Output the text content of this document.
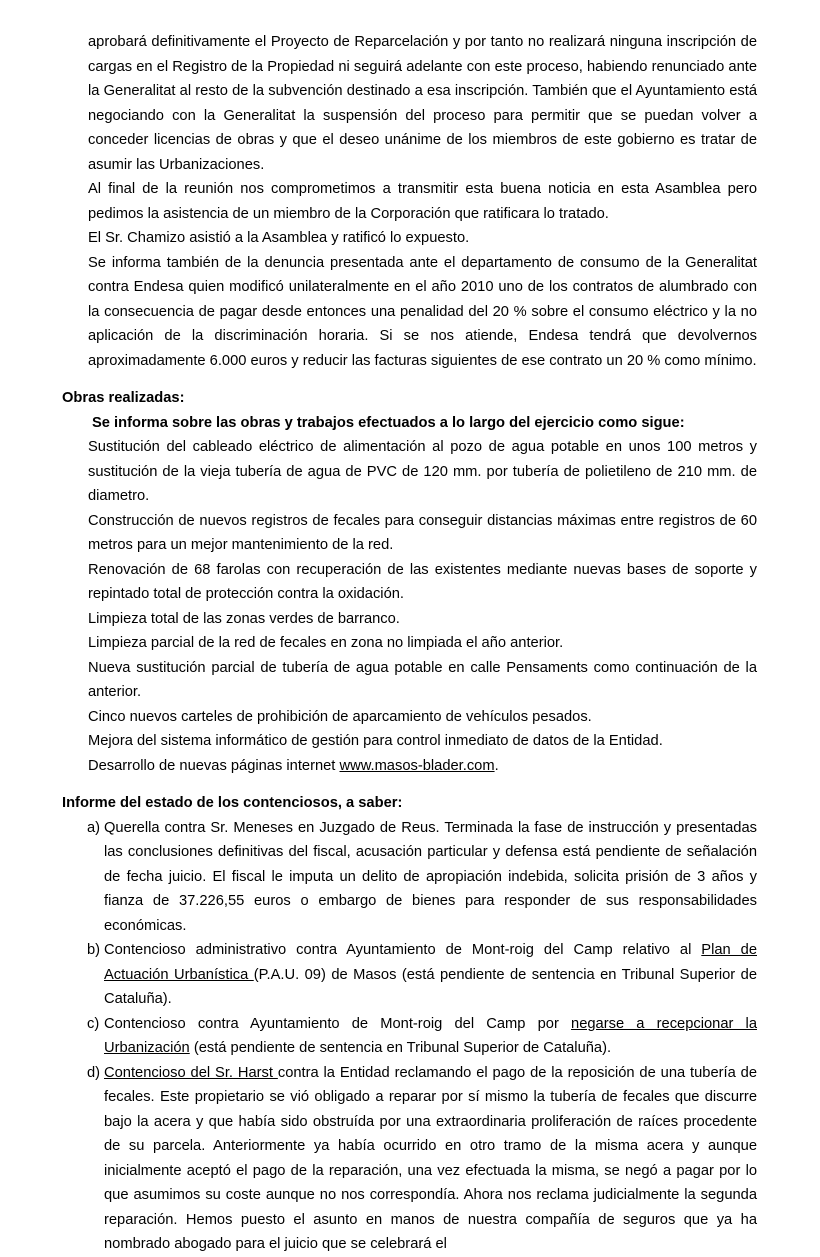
aprobará definitivamente el Proyecto de Reparcelación y por tanto no realizará ninguna inscripción de cargas en el Registro de la Propiedad ni seguirá adelante con este proceso, habiendo renunciado ante la Generalitat al resto de la subvención destinado a esa inscripción. También que el Ayuntamiento está negociando con la Generalitat la suspensión del proceso para permitir que se puedan volver a conceder licencias de obras y que el deseo unánime de los miembros de este gobierno es tratar de asumir las Urbanizaciones.

Al final de la reunión nos comprometimos a transmitir esta buena noticia en esta Asamblea pero pedimos la asistencia de un miembro de la Corporación que ratificara lo tratado.

El Sr. Chamizo asistió a la Asamblea y ratificó lo expuesto.

Se informa también de la denuncia presentada ante el departamento de consumo de la Generalitat contra Endesa quien modificó unilateralmente en el año 2010 uno de los contratos de alumbrado con la consecuencia de pagar desde entonces una penalidad del 20 % sobre el consumo eléctrico y la no aplicación de la discriminación horaria. Si se nos atiende, Endesa tendrá que devolvernos aproximadamente 6.000 euros y reducir las facturas siguientes de ese contrato un 20 % como mínimo.

Obras realizadas:

Se informa sobre las obras y trabajos efectuados a lo largo del ejercicio como sigue:

Sustitución del cableado eléctrico de alimentación al pozo de agua potable en unos 100 metros y sustitución de la vieja tubería de agua de PVC de 120 mm. por tubería de polietileno de 210 mm. de diametro.

Construcción de nuevos registros de fecales para conseguir distancias máximas entre registros de 60 metros para un mejor mantenimiento de la red.

Renovación de 68 farolas con recuperación de las existentes mediante nuevas bases de soporte y repintado total de protección contra la oxidación.

Limpieza total de las zonas verdes de barranco.

Limpieza parcial de la red de fecales en zona no limpiada el año anterior.

Nueva sustitución parcial de tubería de agua potable en calle Pensaments como continuación de la anterior.

Cinco nuevos carteles de prohibición de aparcamiento de vehículos pesados.

Mejora del sistema informático de gestión para control inmediato de datos de la Entidad.

Desarrollo de nuevas páginas internet www.masos-blader.com.

Informe del estado de los contenciosos, a saber:

a) Querella contra Sr. Meneses en Juzgado de Reus. Terminada la fase de instrucción y presentadas las conclusiones definitivas del fiscal, acusación particular y defensa está pendiente de señalación de fecha juicio. El fiscal le imputa un delito de apropiación indebida, solicita prisión de 3 años y fianza de 37.226,55 euros o embargo de bienes para responder de sus responsabilidades económicas.
b) Contencioso administrativo contra Ayuntamiento de Mont-roig del Camp relativo al Plan de Actuación Urbanística (P.A.U. 09) de Masos (está pendiente de sentencia en Tribunal Superior de Cataluña).
c) Contencioso contra Ayuntamiento de Mont-roig del Camp por negarse a recepcionar la Urbanización (está pendiente de sentencia en Tribunal Superior de Cataluña).
d) Contencioso del Sr. Harst contra la Entidad reclamando el pago de la reposición de una tubería de fecales. Este propietario se vió obligado a reparar por sí mismo la tubería de fecales que discurre bajo la acera y que había sido obstruída por una extraordinaria proliferación de raíces procedente de su parcela. Anteriormente ya había ocurrido en otro tramo de la misma acera y aunque inicialmente aceptó el pago de la reparación, una vez efectuada la misma, se negó a pagar por lo que asumimos su coste aunque no nos correspondía. Ahora nos reclama judicialmente la segunda reparación. Hemos puesto el asunto en manos de nuestra compañía de seguros que ya ha nombrado abogado para el juicio que se celebrará el
